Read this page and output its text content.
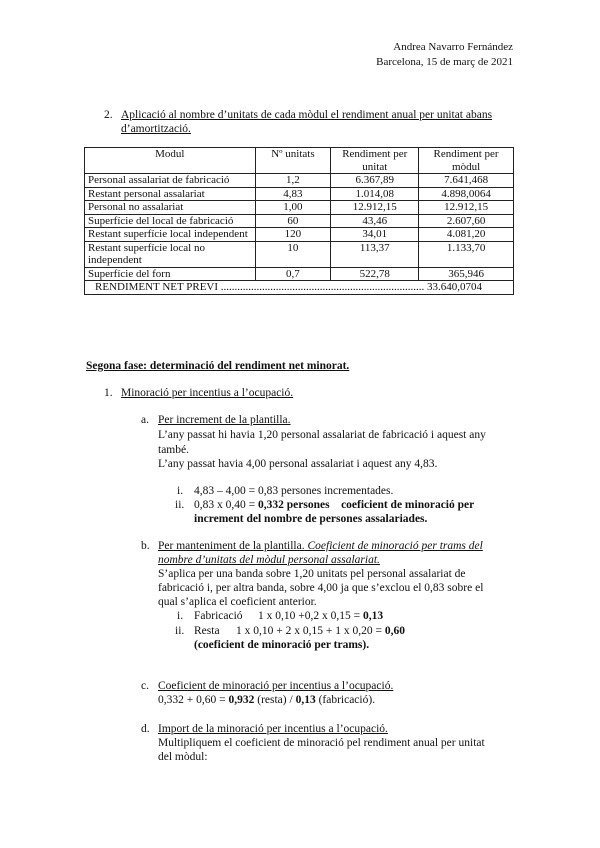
Andrea Navarro Fernández
Barcelona, 15 de març de 2021
2. Aplicació al nombre d’unitats de cada mòdul el rendiment anual per unitat abans
d’amortització.
Modul	Nº unitats	Rendiment per unitat	Rendiment per mòdul
Personal assalariat de fabricació	1,2	6.367,89	7.641,468
Restant personal assalariat	4,83	1.014,08	4.898,0064
Personal no assalariat	1,00	12.912,15	12.912,15
Superfície del local de fabricació	60	43,46	2.607,60
Restant superfície local independent	120	34,01	4.081,20
Restant superfície local no independent	10	113,37	1.133,70
Superfície del forn	0,7	522,78	365,946
RENDIMENT NET PREVI .......................................................................... 33.640,0704			
Segona fase: determinació del rendiment net minorat.
1. Minoració per incentius a l’ocupació.
a. Per increment de la plantilla.
L’any passat hi havia 1,20 personal assalariat de fabricació i aquest any també.
L’any passat havia 4,00 personal assalariat i aquest any 4,83.
i. 4,83 – 4,00 = 0,83 persones incrementades.
ii. 0,83 x 0,40 = 0,332 persones coeficient de minoració per
increment del nombre de persones assalariades.
b. Per manteniment de la plantilla. Coeficient de minoració per trams del
nombre d’unitats del mòdul personal assalariat.
S’aplica per una banda sobre 1,20 unitats pel personal assalariat de
fabricació i, per altra banda, sobre 4,00 ja que s’exclou el 0,83 sobre el
qual s’aplica el coeficient anterior.
i. Fabricació 1 x 0,10 +0,2 x 0,15 = 0,13
ii. Resta 1 x 0,10 + 2 x 0,15 + 1 x 0,20 = 0,60
(coeficient de minoració per trams).
c. Coeficient de minoració per incentius a l’ocupació.
0,332 + 0,60 = 0,932 (resta) / 0,13 (fabricació).
d. Import de la minoració per incentius a l’ocupació.
Multipliquem el coeficient de minoració pel rendiment anual per unitat
del mòdul:
